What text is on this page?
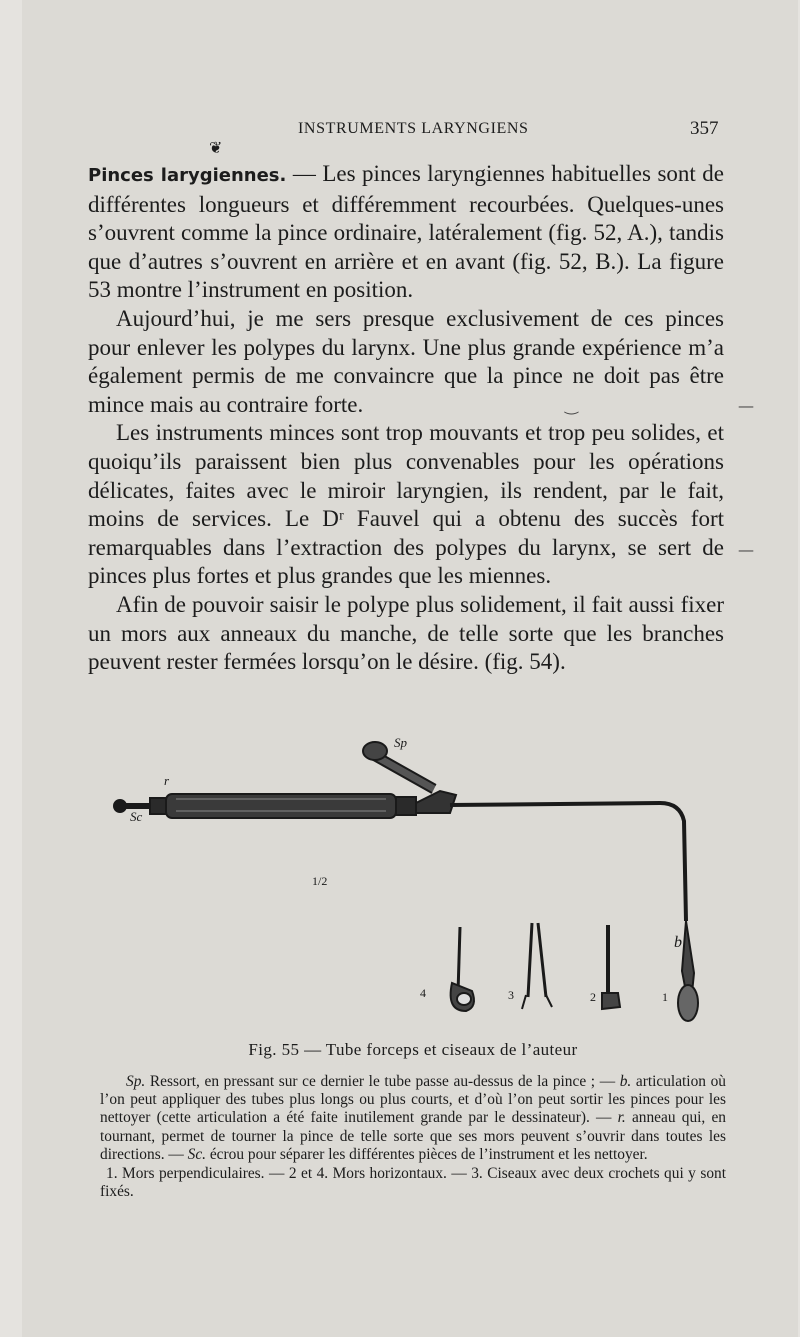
INSTRUMENTS LARYNGIENS	357
❦

Pinces larygiennes. — Les pinces laryngiennes habituelles sont de différentes longueurs et différemment recourbées. Quelques-unes s’ouvrent comme la pince ordinaire, latéralement (fig. 52, A.), tandis que d’autres s’ouvrent en arrière et en avant (fig. 52, B.). La figure 53 montre l’instrument en position.

Aujourd’hui, je me sers presque exclusivement de ces pinces pour enlever les polypes du larynx. Une plus grande expérience m’a également permis de me convaincre que la pince ne doit pas être mince mais au contraire forte.

Les instruments minces sont trop mouvants et trop peu solides, et quoiqu’ils paraissent bien plus convenables pour les opérations délicates, faites avec le miroir laryngien, ils rendent, par le fait, moins de services. Le Dʳ Fauvel qui a obtenu des succès fort remarquables dans l’extraction des polypes du larynx, se sert de pinces plus fortes et plus grandes que les miennes.

Afin de pouvoir saisir le polype plus solidement, il fait aussi fixer un mors aux anneaux du manche, de telle sorte que les branches peuvent rester fermées lorsqu’on le désire. (fig. 54).

‿	—
—
Sp
r
Sc
1/2
b
4	3	2	1
Fig. 55 — Tube forceps et ciseaux de l’auteur

Sp. Ressort, en pressant sur ce dernier le tube passe au-dessus de la pince ; — b. articulation où l’on peut appliquer des tubes plus longs ou plus courts, et d’où l’on peut sortir les pinces pour les nettoyer (cette articulation a été faite inutilement grande par le dessinateur). — r. anneau qui, en tournant, permet de tourner la pince de telle sorte que ses mors peuvent s’ouvrir dans toutes les directions. — Sc. écrou pour séparer les différentes pièces de l’instrument et les nettoyer.

1. Mors perpendiculaires. — 2 et 4. Mors horizontaux. — 3. Ciseaux avec deux crochets qui y sont fixés.
